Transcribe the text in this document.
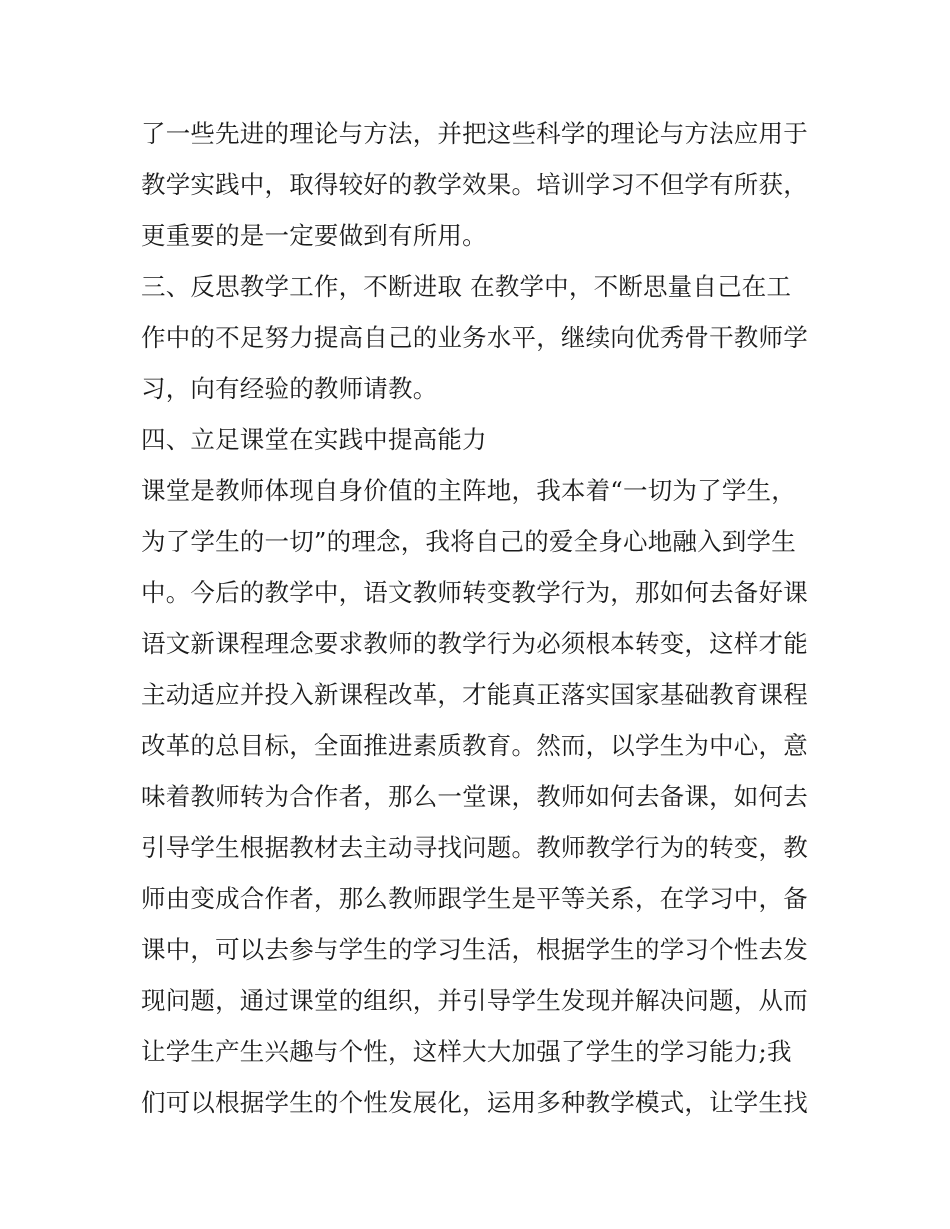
了一些先进的理论与方法，并把这些科学的理论与方法应用于
教学实践中，取得较好的教学效果。培训学习不但学有所获，
更重要的是一定要做到有所用。
三、反思教学工作，不断进取 在教学中，不断思量自己在工
作中的不足努力提高自己的业务水平，继续向优秀骨干教师学
习，向有经验的教师请教。
四、立足课堂在实践中提高能力
课堂是教师体现自身价值的主阵地，我本着“一切为了学生，
为了学生的一切”的理念，我将自己的爱全身心地融入到学生
中。今后的教学中，语文教师转变教学行为，那如何去备好课
语文新课程理念要求教师的教学行为必须根本转变，这样才能
主动适应并投入新课程改革，才能真正落实国家基础教育课程
改革的总目标，全面推进素质教育。然而，以学生为中心，意
味着教师转为合作者，那么一堂课，教师如何去备课，如何去
引导学生根据教材去主动寻找问题。教师教学行为的转变，教
师由变成合作者，那么教师跟学生是平等关系，在学习中，备
课中，可以去参与学生的学习生活，根据学生的学习个性去发
现问题，通过课堂的组织，并引导学生发现并解决问题，从而
让学生产生兴趣与个性，这样大大加强了学生的学习能力;我
们可以根据学生的个性发展化，运用多种教学模式，让学生找
